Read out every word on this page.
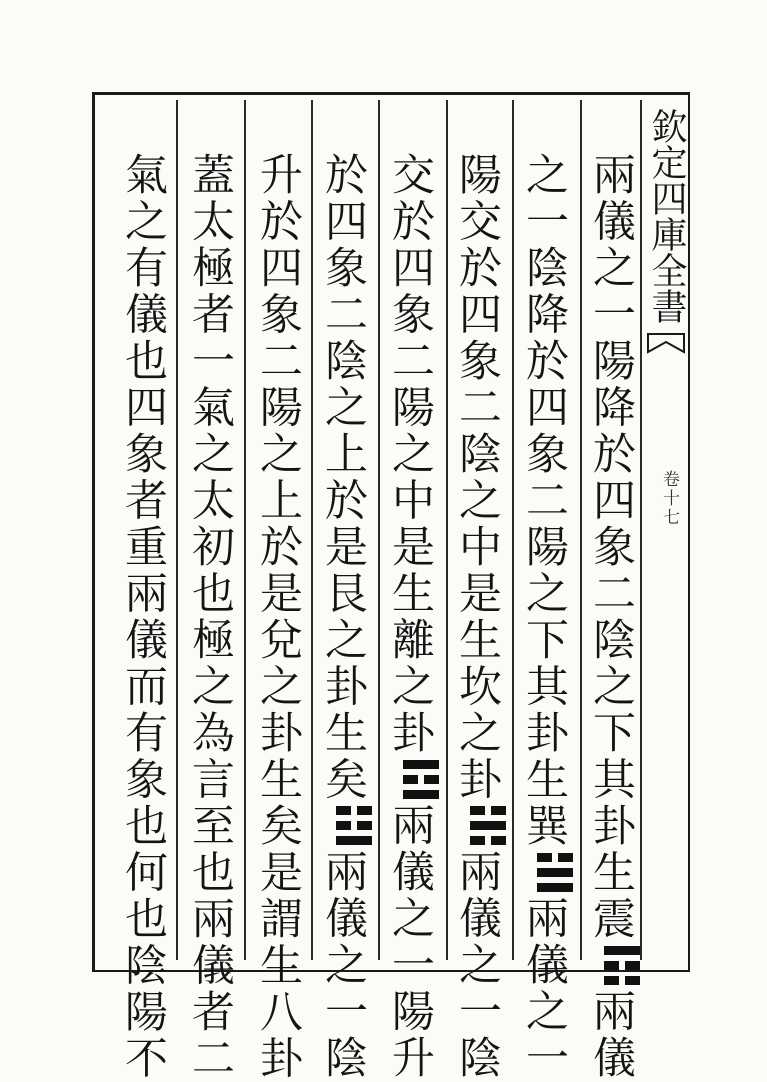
欽定四庫全書
卷十七
兩儀之一陽降於四象二陰之下其卦生震
兩儀
之一陰降於四象二陽之下其卦生巽
兩儀之一
陽交於四象二陰之中是生坎之卦
兩儀之一陰
交於四象二陽之中是生離之卦
兩儀之一陽升
於四象二陰之上於是艮之卦生矣
兩儀之一陰
升於四象二陽之上於是兌之卦生矣是謂生八卦
蓋太極者一氣之太初也極之為言至也兩儀者二
氣之有儀也四象者重兩儀而有象也何也陰陽不
